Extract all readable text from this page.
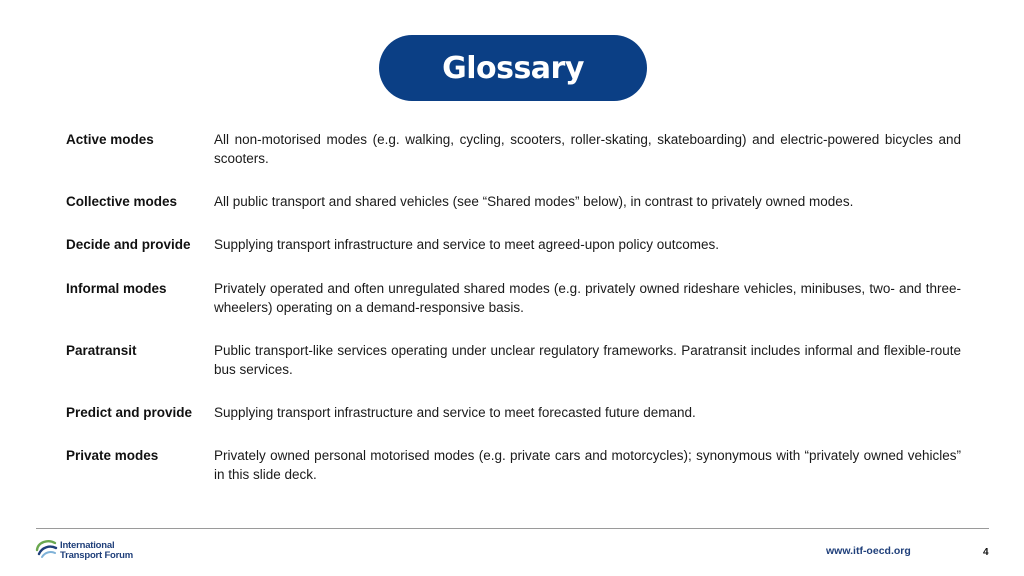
Glossary
Active modes	All non-motorised modes (e.g. walking, cycling, scooters, roller-skating, skateboarding) and electric-powered bicycles and scooters.
Collective modes	All public transport and shared vehicles (see “Shared modes” below), in contrast to privately owned modes.
Decide and provide	Supplying transport infrastructure and service to meet agreed-upon policy outcomes.
Informal modes	Privately operated and often unregulated shared modes (e.g. privately owned rideshare vehicles, minibuses, two- and three-wheelers) operating on a demand-responsive basis.
Paratransit	Public transport-like services operating under unclear regulatory frameworks. Paratransit includes informal and flexible-route bus services.
Predict and provide	Supplying transport infrastructure and service to meet forecasted future demand.
Private modes	Privately owned personal motorised modes (e.g. private cars and motorcycles); synonymous with “privately owned vehicles” in this slide deck.
International
Transport Forum	www.itf-oecd.org	4
